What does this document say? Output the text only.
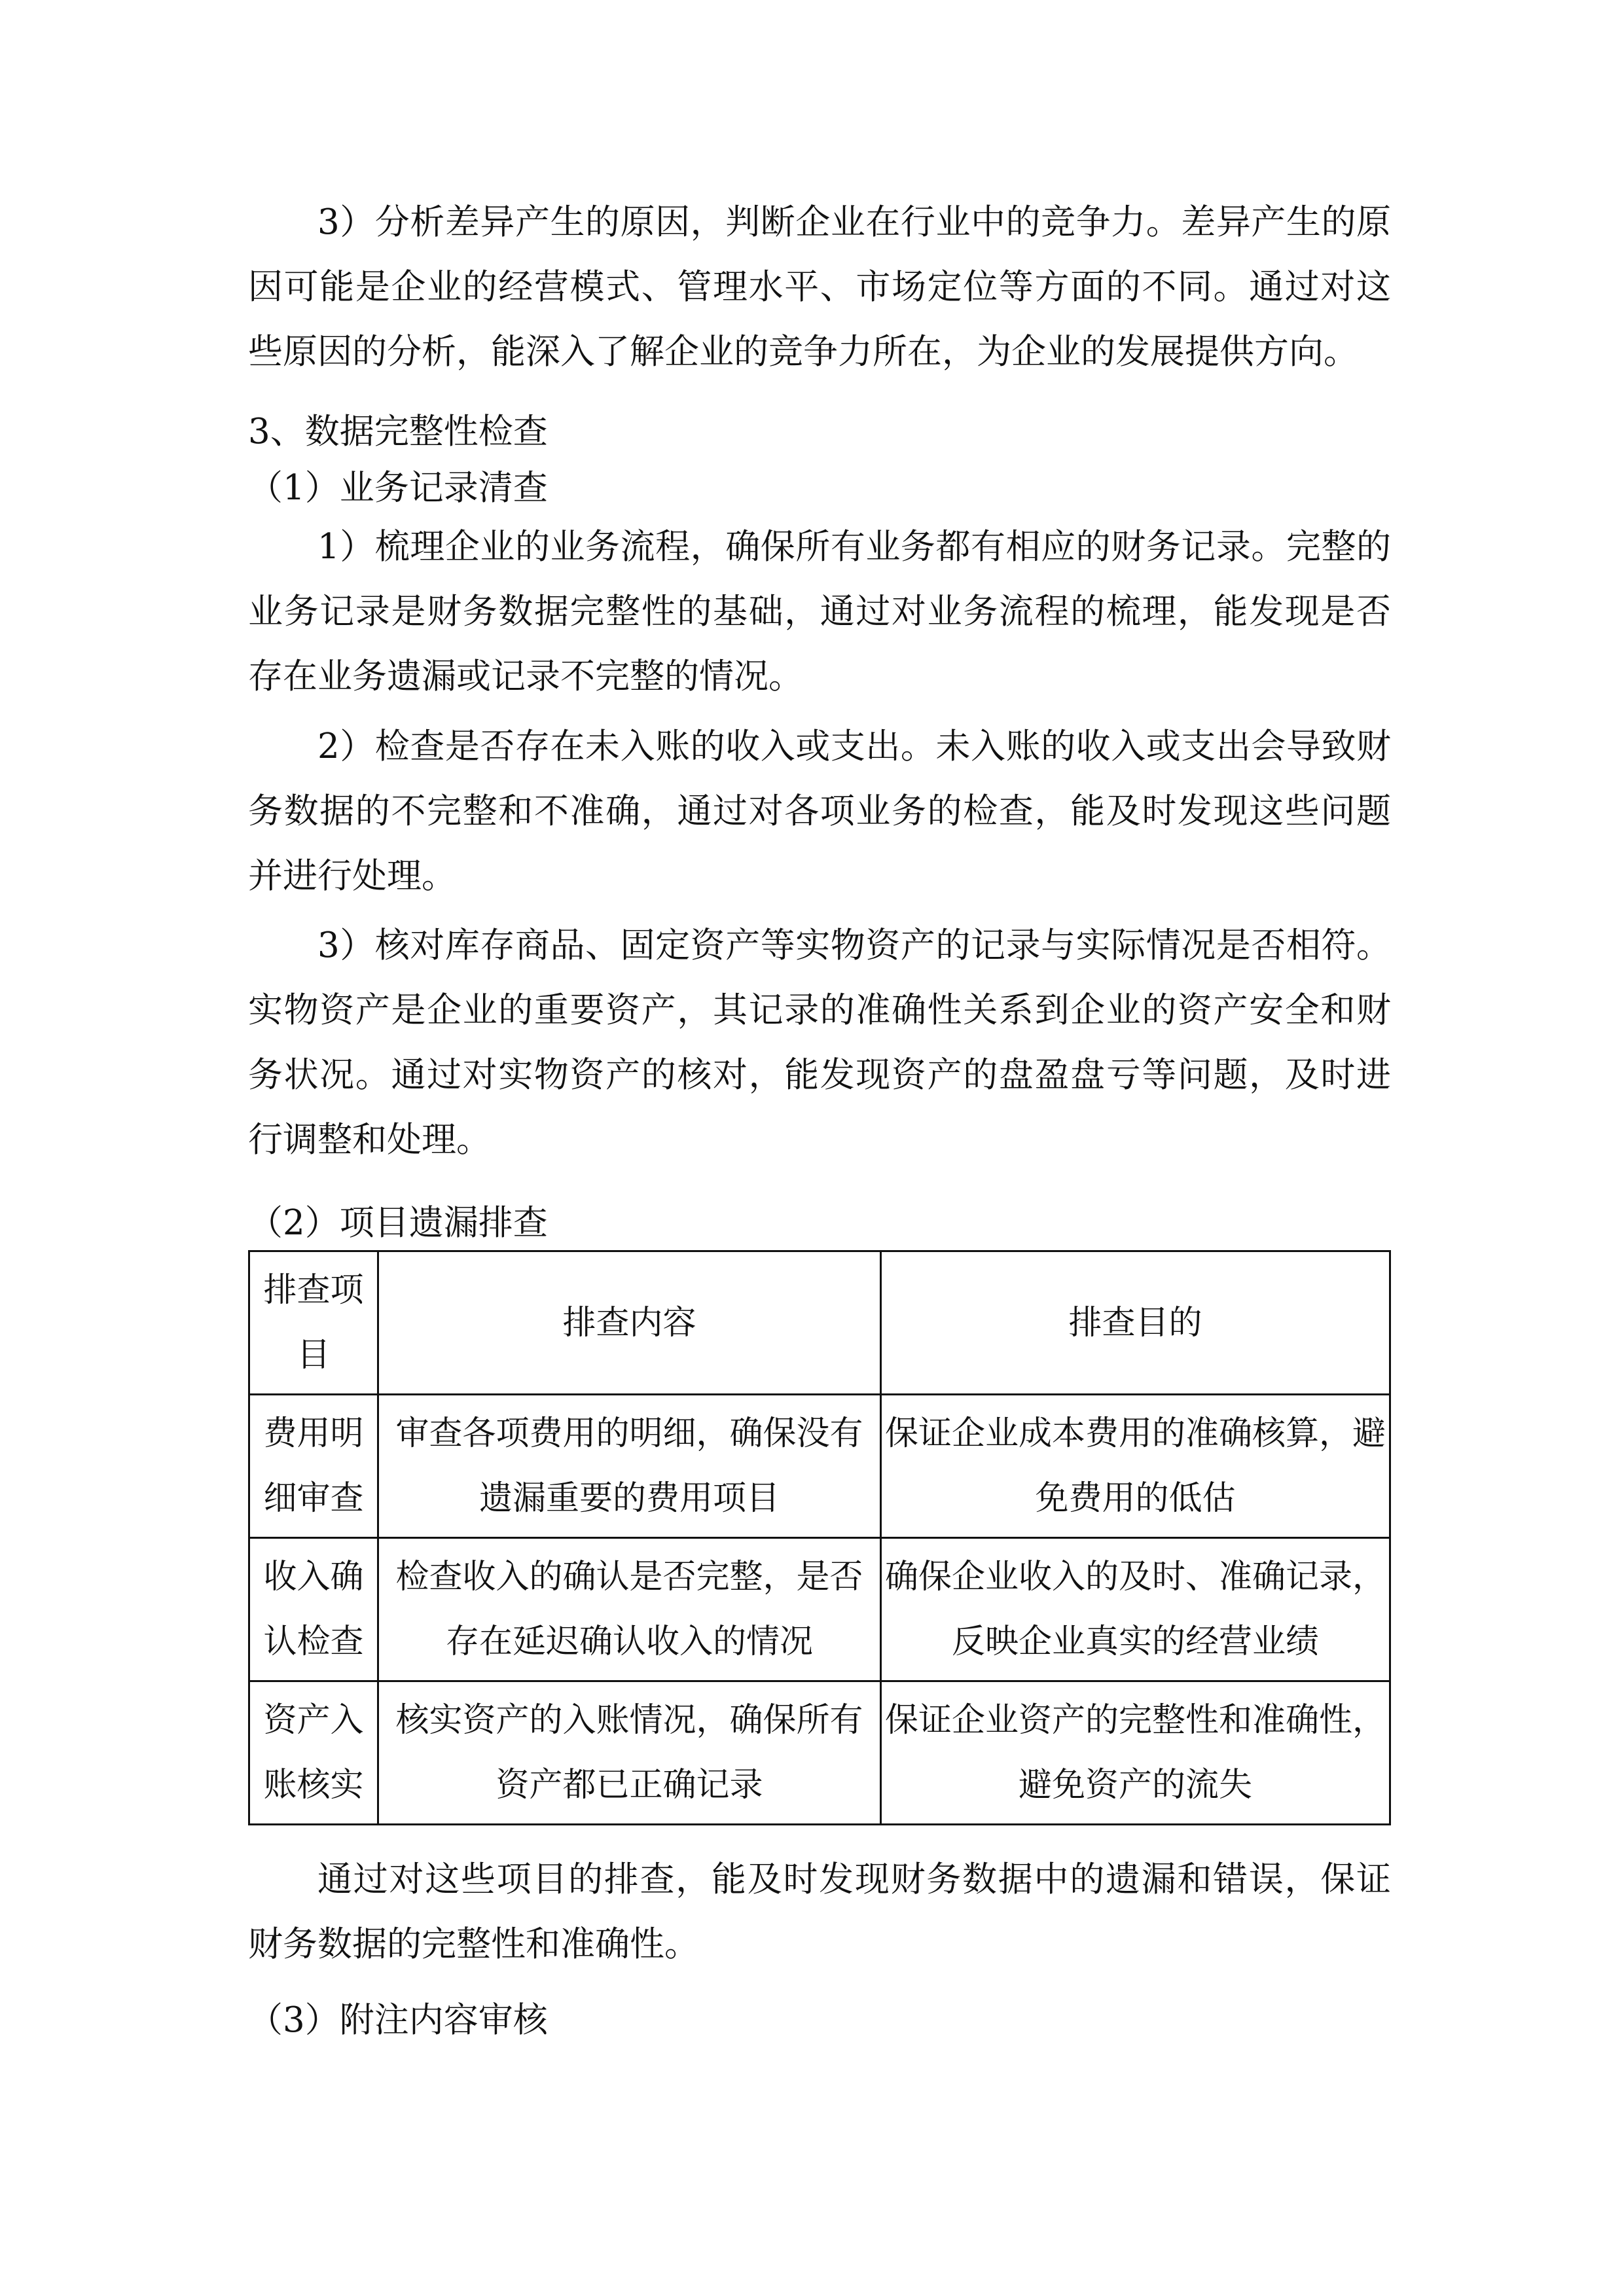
3）分析差异产生的原因，判断企业在行业中的竞争力。差异产生的原因可能是企业的经营模式、管理水平、市场定位等方面的不同。通过对这些原因的分析，能深入了解企业的竞争力所在，为企业的发展提供方向。
3、数据完整性检查
（1）业务记录清查
1）梳理企业的业务流程，确保所有业务都有相应的财务记录。完整的业务记录是财务数据完整性的基础，通过对业务流程的梳理，能发现是否存在业务遗漏或记录不完整的情况。
2）检查是否存在未入账的收入或支出。未入账的收入或支出会导致财务数据的不完整和不准确，通过对各项业务的检查，能及时发现这些问题并进行处理。
3）核对库存商品、固定资产等实物资产的记录与实际情况是否相符。实物资产是企业的重要资产，其记录的准确性关系到企业的资产安全和财务状况。通过对实物资产的核对，能发现资产的盘盈盘亏等问题，及时进行调整和处理。
（2）项目遗漏排查
排查项目	排查内容	排查目的
费用明细审查	审查各项费用的明细，确保没有遗漏重要的费用项目	保证企业成本费用的准确核算，避免费用的低估
收入确认检查	检查收入的确认是否完整，是否存在延迟确认收入的情况	确保企业收入的及时、准确记录，反映企业真实的经营业绩
资产入账核实	核实资产的入账情况，确保所有资产都已正确记录	保证企业资产的完整性和准确性，避免资产的流失
通过对这些项目的排查，能及时发现财务数据中的遗漏和错误，保证财务数据的完整性和准确性。
（3）附注内容审核
